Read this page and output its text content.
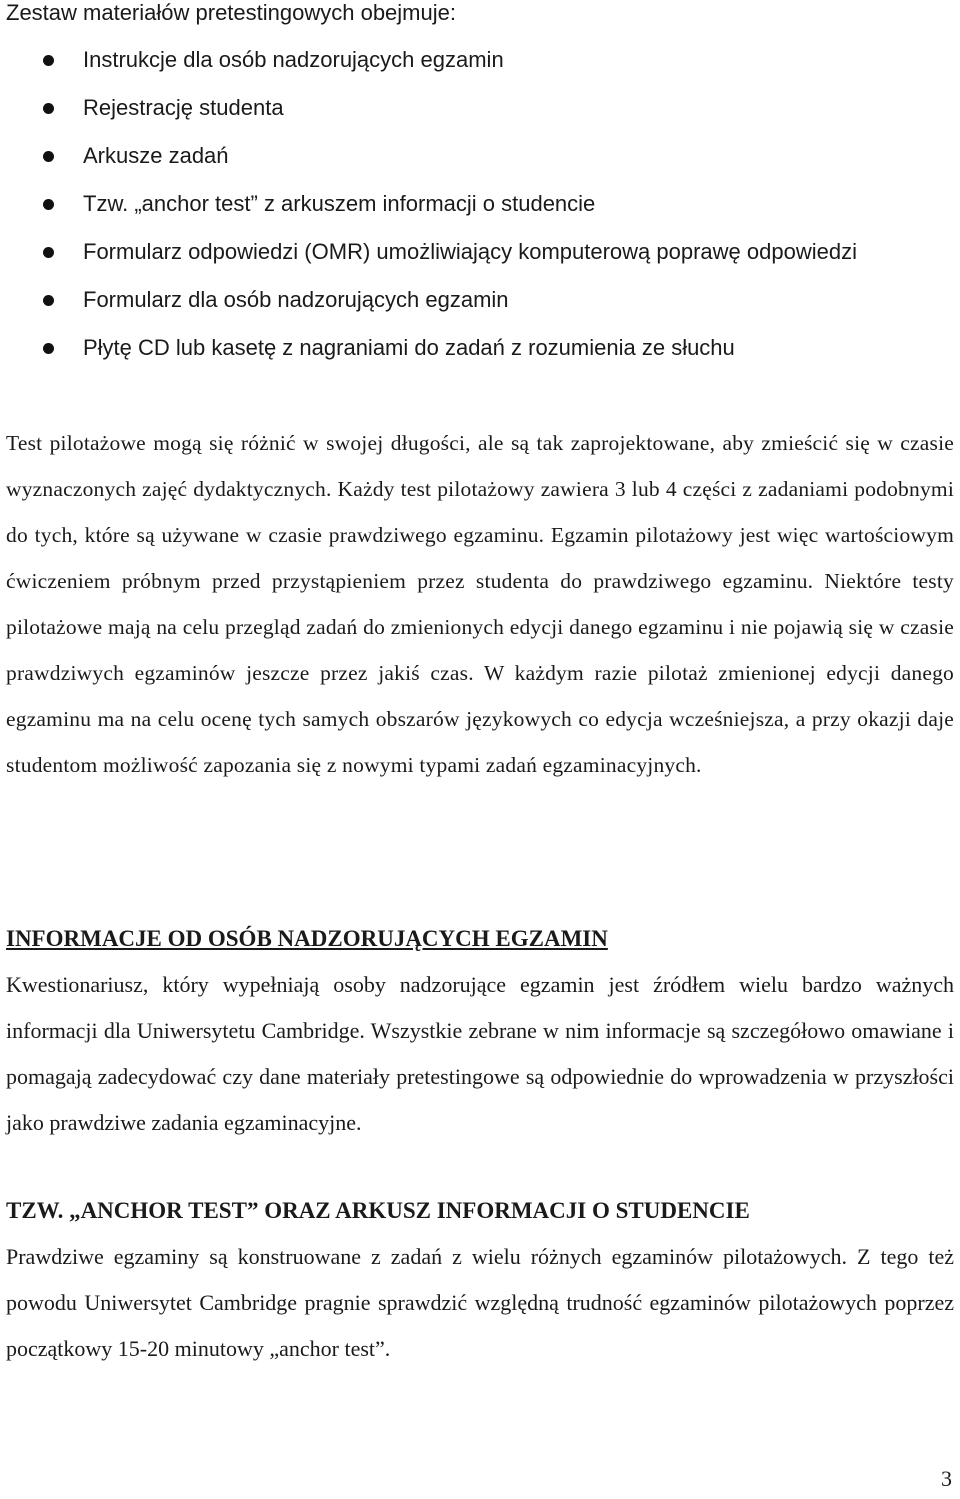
Zestaw materiałów pretestingowych obejmuje:

Instrukcje dla osób nadzorujących egzamin
Rejestrację studenta
Arkusze zadań
Tzw. „anchor test” z arkuszem informacji o studencie
Formularz odpowiedzi (OMR) umożliwiający komputerową poprawę odpowiedzi
Formularz dla osób nadzorujących egzamin
Płytę CD lub kasetę z nagraniami do zadań z rozumienia ze słuchu

Test pilotażowe mogą się różnić w swojej długości, ale są tak zaprojektowane, aby zmieścić się w czasie wyznaczonych zajęć dydaktycznych. Każdy test pilotażowy zawiera 3 lub 4 części z zadaniami podobnymi do tych, które są używane w czasie prawdziwego egzaminu. Egzamin pilotażowy jest więc wartościowym ćwiczeniem próbnym przed przystąpieniem przez studenta do prawdziwego egzaminu. Niektóre testy pilotażowe mają na celu przegląd zadań do zmienionych edycji danego egzaminu i nie pojawią się w czasie prawdziwych egzaminów jeszcze przez jakiś czas. W każdym razie pilotaż zmienionej edycji danego egzaminu ma na celu ocenę tych samych obszarów językowych co edycja wcześniejsza, a przy okazji daje studentom możliwość zapozania się z nowymi typami zadań egzaminacyjnych.

INFORMACJE OD OSÓB NADZORUJĄCYCH EGZAMIN

Kwestionariusz, który wypełniają osoby nadzorujące egzamin jest źródłem wielu bardzo ważnych informacji dla Uniwersytetu Cambridge. Wszystkie zebrane w nim informacje są szczegółowo omawiane i pomagają zadecydować czy dane materiały pretestingowe są odpowiednie do wprowadzenia w przyszłości jako prawdziwe zadania egzaminacyjne.

TZW. „ANCHOR TEST” ORAZ ARKUSZ INFORMACJI O STUDENCIE

Prawdziwe egzaminy są konstruowane z zadań z wielu różnych egzaminów pilotażowych. Z tego też powodu Uniwersytet Cambridge pragnie sprawdzić względną trudność egzaminów pilotażowych poprzez początkowy 15-20 minutowy „anchor test”.

3
